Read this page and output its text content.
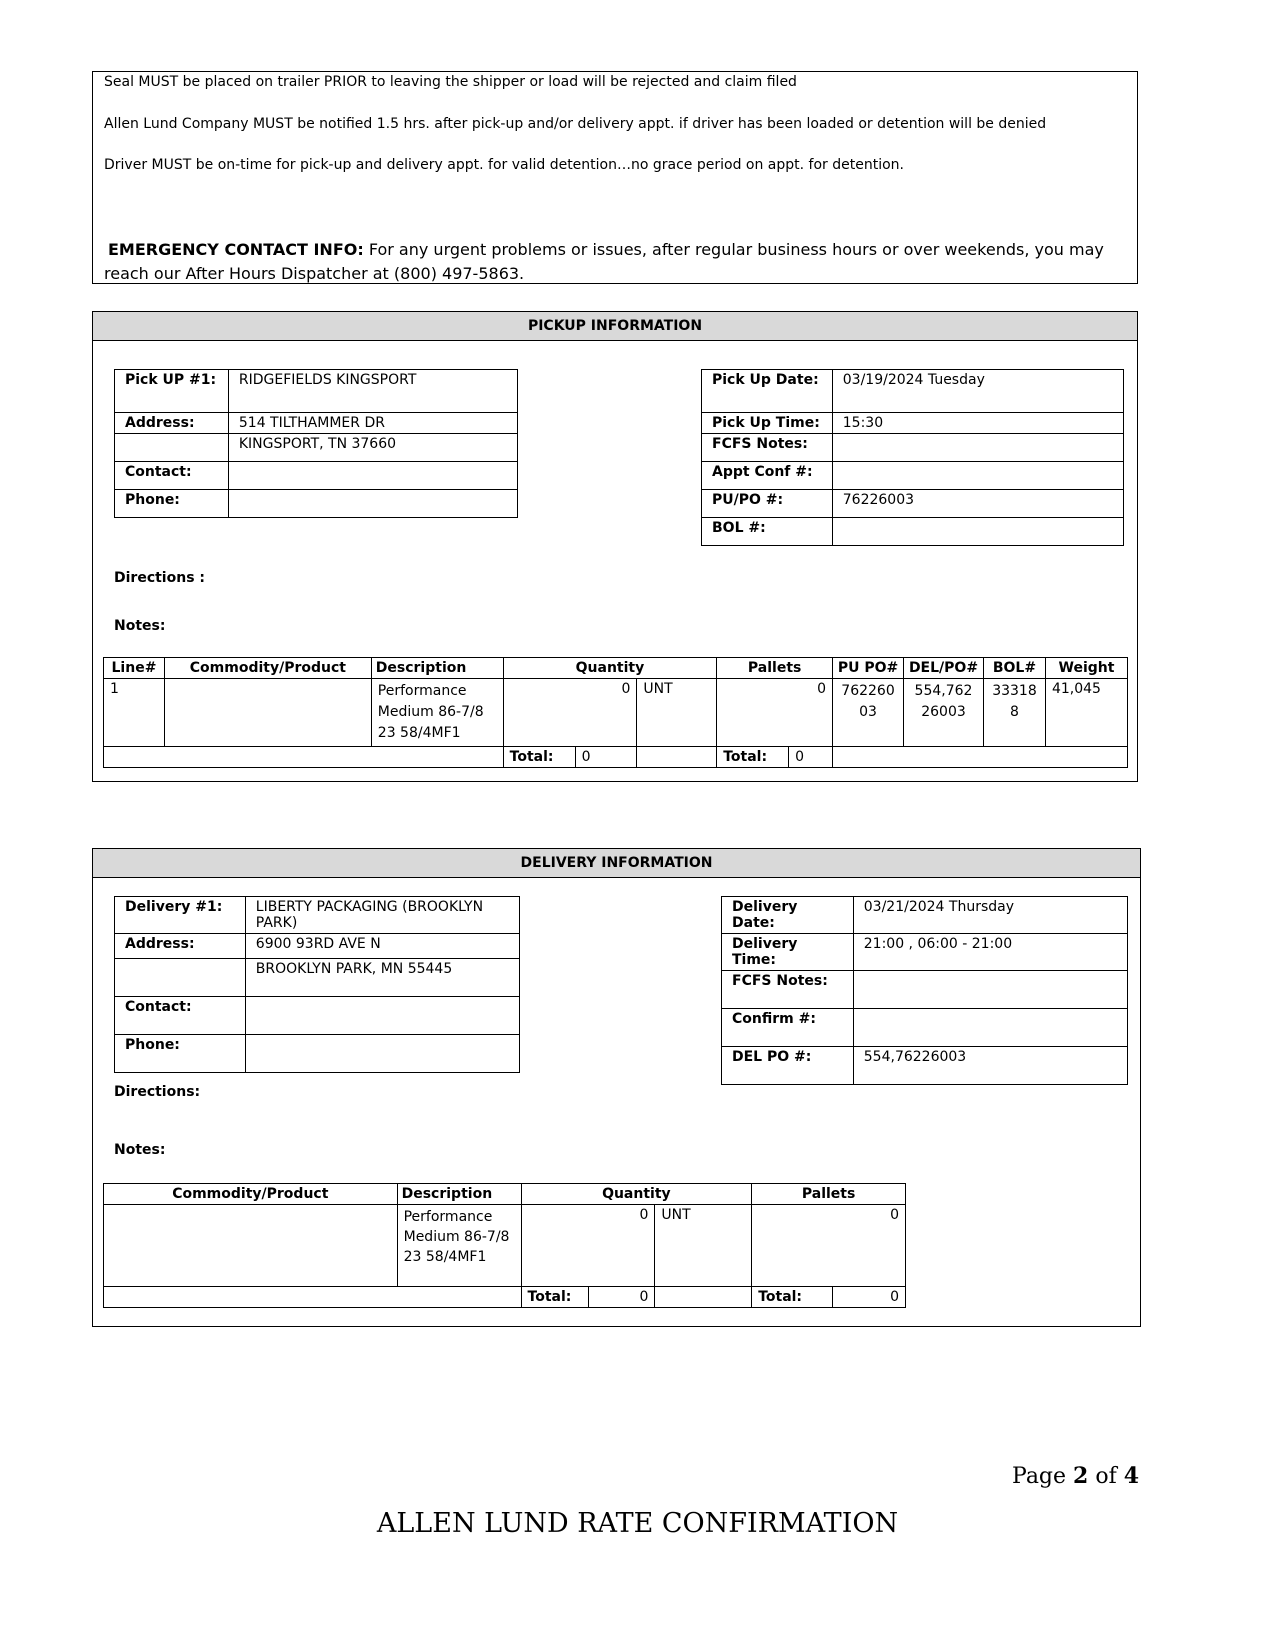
Seal MUST be placed on trailer PRIOR to leaving the shipper or load will be rejected and claim filed

Allen Lund Company MUST be notified 1.5 hrs. after pick-up and/or delivery appt. if driver has been loaded or detention will be denied

Driver MUST be on-time for pick-up and delivery appt. for valid detention…no grace period on appt. for detention.

EMERGENCY CONTACT INFO: For any urgent problems or issues, after regular business hours or over weekends, you may reach our After Hours Dispatcher at (800) 497-5863.
PICKUP INFORMATION
Pick UP #1:	RIDGEFIELDS KINGSPORT
Address:	514 TILTHAMMER DR
	KINGSPORT, TN 37660
Contact:	
Phone:	
Pick Up Date:	03/19/2024 Tuesday
Pick Up Time:	15:30
FCFS Notes:	
Appt Conf #:	
PU/PO #:	76226003
BOL #:	
Directions :
Notes:
Line#	Commodity/Product	Description	Quantity			Pallets		PU PO#	DEL/PO#	BOL#	Weight
1		Performance Medium 86-7/8 23 58/4MF1	0		UNT	0		762260 03	554,762 26003	33318 8	41,045
			Total:	0		Total:	0				
DELIVERY INFORMATION
Delivery #1:	LIBERTY PACKAGING (BROOKLYN PARK)
Address:	6900 93RD AVE N
	BROOKLYN PARK, MN 55445
Contact:	
Phone:	
Delivery Date:	03/21/2024 Thursday
Delivery Time:	21:00 , 06:00 - 21:00
FCFS Notes:	
Confirm #:	
DEL PO #:	554,76226003
Directions:
Notes:
Commodity/Product	Description	Quantity			Pallets	
	Performance Medium 86-7/8 23 58/4MF1	0		UNT	0	
		Total:	0		Total:	0
Page 2 of 4
ALLEN LUND RATE CONFIRMATION
